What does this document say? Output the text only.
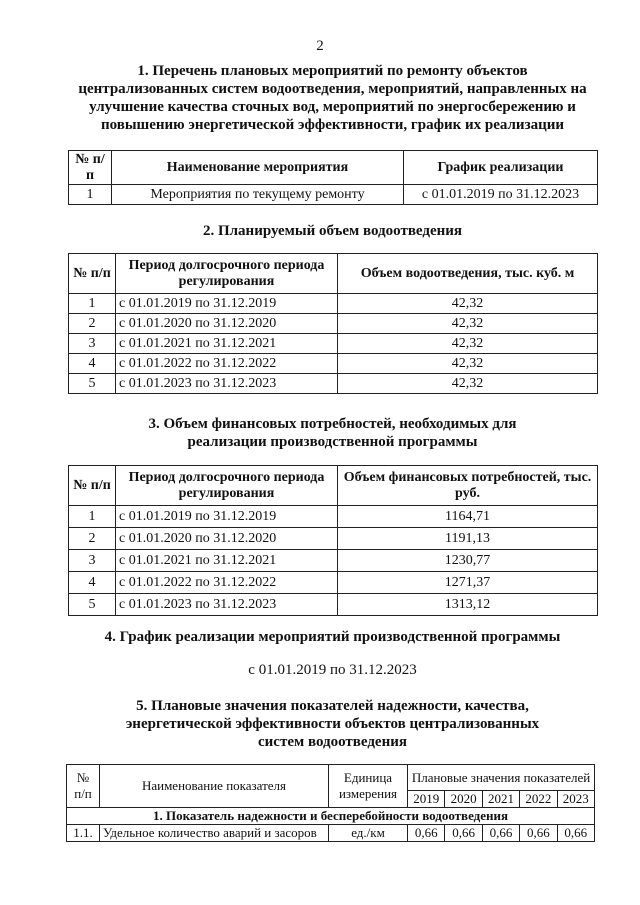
2
1. Перечень плановых мероприятий по ремонту объектов
централизованных систем водоотведения, мероприятий, направленных на
улучшение качества сточных вод, мероприятий по энергосбережению и
повышению энергетической эффективности, график их реализации
№ п/п	Наименование мероприятия	График реализации
1	Мероприятия по текущему ремонту	с 01.01.2019 по 31.12.2023
2. Планируемый объем водоотведения
№ п/п	Период долгосрочного периода регулирования	Объем водоотведения, тыс. куб. м
1	с 01.01.2019 по 31.12.2019	42,32
2	с 01.01.2020 по 31.12.2020	42,32
3	с 01.01.2021 по 31.12.2021	42,32
4	с 01.01.2022 по 31.12.2022	42,32
5	с 01.01.2023 по 31.12.2023	42,32
3. Объем финансовых потребностей, необходимых для
реализации производственной программы
№ п/п	Период долгосрочного периода регулирования	Объем финансовых потребностей, тыс. руб.
1	с 01.01.2019 по 31.12.2019	1164,71
2	с 01.01.2020 по 31.12.2020	1191,13
3	с 01.01.2021 по 31.12.2021	1230,77
4	с 01.01.2022 по 31.12.2022	1271,37
5	с 01.01.2023 по 31.12.2023	1313,12
4. График реализации мероприятий производственной программы
с 01.01.2019 по 31.12.2023
5. Плановые значения показателей надежности, качества,
энергетической эффективности объектов централизованных
систем водоотведения
№ п/п	Наименование показателя	Единица измерения	Плановые значения показателей				
			2019	2020	2021	2022	2023
1. Показатель надежности и бесперебойности водоотведения							
1.1.	Удельное количество аварий и засоров	ед./км	0,66	0,66	0,66	0,66	0,66
